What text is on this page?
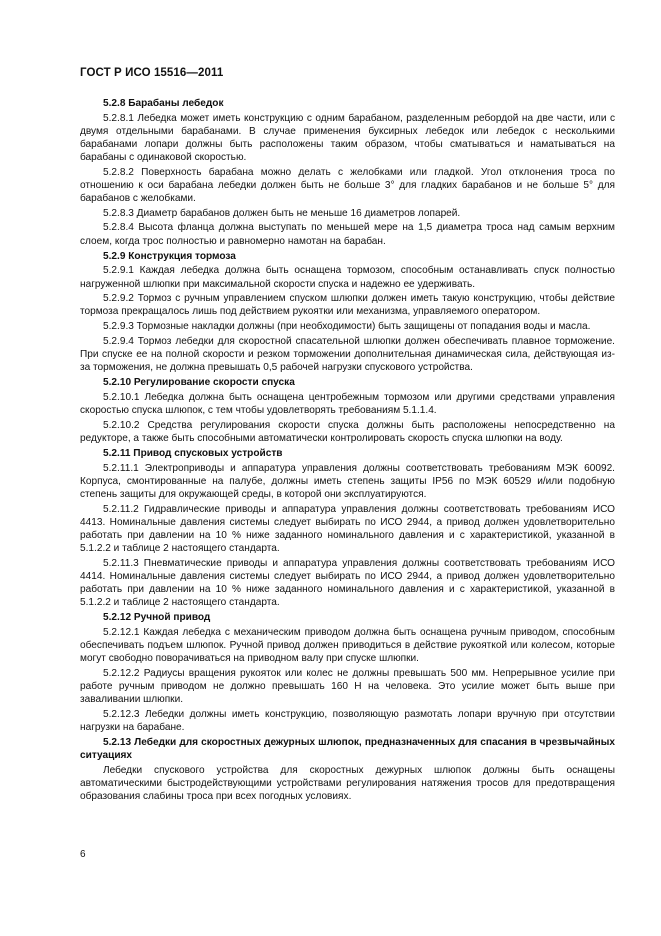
ГОСТ Р ИСО 15516—2011

5.2.8 Барабаны лебедок

5.2.8.1 Лебедка может иметь конструкцию с одним барабаном, разделенным ребордой на две части, или с двумя отдельными барабанами. В случае применения буксирных лебедок или лебедок с несколькими барабанами лопари должны быть расположены таким образом, чтобы сматываться и наматываться на барабаны с одинаковой скоростью.

5.2.8.2 Поверхность барабана можно делать с желобками или гладкой. Угол отклонения троса по отношению к оси барабана лебедки должен быть не больше 3° для гладких барабанов и не больше 5° для барабанов с желобками.

5.2.8.3 Диаметр барабанов должен быть не меньше 16 диаметров лопарей.

5.2.8.4 Высота фланца должна выступать по меньшей мере на 1,5 диаметра троса над самым верхним слоем, когда трос полностью и равномерно намотан на барабан.

5.2.9 Конструкция тормоза

5.2.9.1 Каждая лебедка должна быть оснащена тормозом, способным останавливать спуск полностью нагруженной шлюпки при максимальной скорости спуска и надежно ее удерживать.

5.2.9.2 Тормоз с ручным управлением спуском шлюпки должен иметь такую конструкцию, чтобы действие тормоза прекращалось лишь под действием рукоятки или механизма, управляемого оператором.

5.2.9.3 Тормозные накладки должны (при необходимости) быть защищены от попадания воды и масла.

5.2.9.4 Тормоз лебедки для скоростной спасательной шлюпки должен обеспечивать плавное торможение. При спуске ее на полной скорости и резком торможении дополнительная динамическая сила, действующая из-за торможения, не должна превышать 0,5 рабочей нагрузки спускового устройства.

5.2.10 Регулирование скорости спуска

5.2.10.1 Лебедка должна быть оснащена центробежным тормозом или другими средствами управления скоростью спуска шлюпок, с тем чтобы удовлетворять требованиям 5.1.1.4.

5.2.10.2 Средства регулирования скорости спуска должны быть расположены непосредственно на редукторе, а также быть способными автоматически контролировать скорость спуска шлюпки на воду.

5.2.11 Привод спусковых устройств

5.2.11.1 Электроприводы и аппаратура управления должны соответствовать требованиям МЭК 60092. Корпуса, смонтированные на палубе, должны иметь степень защиты IP56 по МЭК 60529 и/или подобную степень защиты для окружающей среды, в которой они эксплуатируются.

5.2.11.2 Гидравлические приводы и аппаратура управления должны соответствовать требованиям ИСО 4413. Номинальные давления системы следует выбирать по ИСО 2944, а привод должен удовлетворительно работать при давлении на 10 % ниже заданного номинального давления и с характеристикой, указанной в 5.1.2.2 и таблице 2 настоящего стандарта.

5.2.11.3 Пневматические приводы и аппаратура управления должны соответствовать требованиям ИСО 4414. Номинальные давления системы следует выбирать по ИСО 2944, а привод должен удовлетворительно работать при давлении на 10 % ниже заданного номинального давления и с характеристикой, указанной в 5.1.2.2 и таблице 2 настоящего стандарта.

5.2.12 Ручной привод

5.2.12.1 Каждая лебедка с механическим приводом должна быть оснащена ручным приводом, способным обеспечивать подъем шлюпок. Ручной привод должен приводиться в действие рукояткой или колесом, которые могут свободно поворачиваться на приводном валу при спуске шлюпки.

5.2.12.2 Радиусы вращения рукояток или колес не должны превышать 500 мм. Непрерывное усилие при работе ручным приводом не должно превышать 160 Н на человека. Это усилие может быть выше при заваливании шлюпки.

5.2.12.3 Лебедки должны иметь конструкцию, позволяющую размотать лопари вручную при отсутствии нагрузки на барабане.

5.2.13 Лебедки для скоростных дежурных шлюпок, предназначенных для спасания в чрезвычайных ситуациях

Лебедки спускового устройства для скоростных дежурных шлюпок должны быть оснащены автоматическими быстродействующими устройствами регулирования натяжения тросов для предотвращения образования слабины троса при всех погодных условиях.

6
